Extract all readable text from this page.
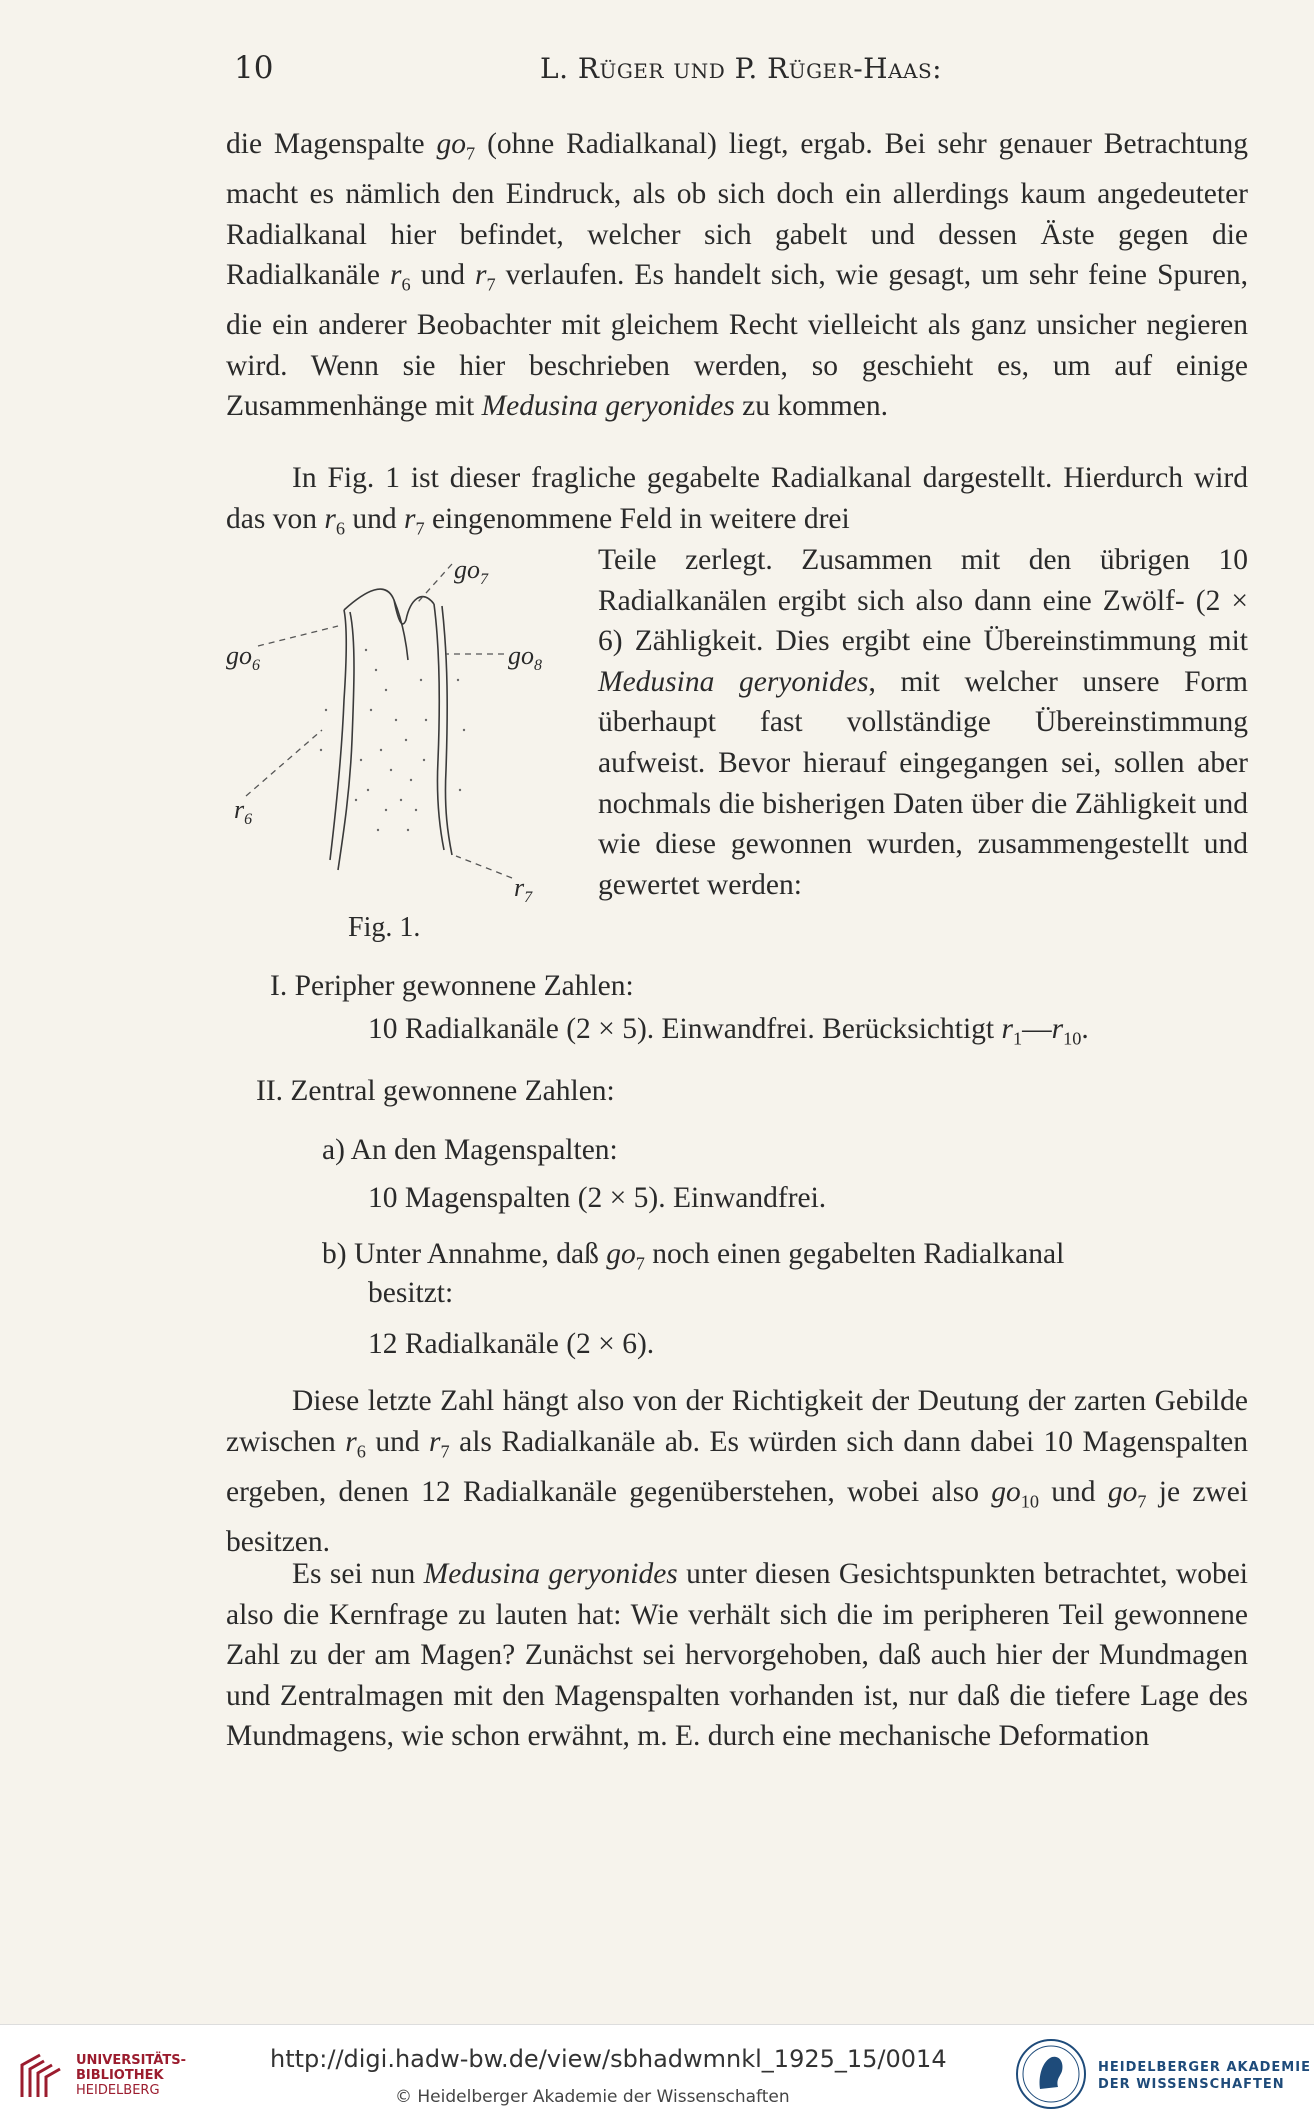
10	L. Rüger und P. Rüger-Haas:

die Magenspalte $go_7$ (ohne Radialkanal) liegt, ergab. Bei sehr genauer Betrachtung macht es nämlich den Eindruck, als ob sich doch ein allerdings kaum angedeuteter Radialkanal hier befindet, welcher sich gabelt und dessen Äste gegen die Radialkanäle $r_6$ und $r_7$ verlaufen. Es handelt sich, wie gesagt, um sehr feine Spuren, die ein anderer Beobachter mit gleichem Recht vielleicht als ganz unsicher negieren wird. Wenn sie hier beschrieben werden, so geschieht es, um auf einige Zusammenhänge mit Medusina geryonides zu kommen.

In Fig. 1 ist dieser fragliche gegabelte Radialkanal dargestellt. Hierdurch wird das von $r_6$ und $r_7$ eingenommene Feld in weitere drei

Teile zerlegt. Zusammen mit den übrigen 10 Radialkanälen ergibt sich also dann eine Zwölf- (2 × 6) Zähligkeit. Dies ergibt eine Übereinstimmung mit Medusina geryonides, mit welcher unsere Form überhaupt fast vollständige Übereinstimmung aufweist. Bevor hierauf eingegangen sei, sollen aber nochmals die bisherigen Daten über die Zähligkeit und wie diese gewonnen wurden, zusammengestellt und gewertet werden:

$go_6$
$go_7$
$go_8$
$r_6$
$r_7$
Fig. 1.
I. Peripher gewonnene Zahlen:
10 Radialkanäle (2 × 5). Einwandfrei. Berücksichtigt $r_1—r_{10}$.
II. Zentral gewonnene Zahlen:
a) An den Magenspalten:
10 Magenspalten (2 × 5). Einwandfrei.
b) Unter Annahme, daß $go_7$ noch einen gegabelten Radialkanal
besitzt:
12 Radialkanäle (2 × 6).

Diese letzte Zahl hängt also von der Richtigkeit der Deutung der zarten Gebilde zwischen $r_6$ und $r_7$ als Radialkanäle ab. Es würden sich dann dabei 10 Magenspalten ergeben, denen 12 Radialkanäle gegenüberstehen, wobei also $go_{10}$ und $go_7$ je zwei besitzen.

Es sei nun Medusina geryonides unter diesen Gesichtspunkten betrachtet, wobei also die Kernfrage zu lauten hat: Wie verhält sich die im peripheren Teil gewonnene Zahl zu der am Magen? Zunächst sei hervorgehoben, daß auch hier der Mundmagen und Zentralmagen mit den Magenspalten vorhanden ist, nur daß die tiefere Lage des Mundmagens, wie schon erwähnt, m. E. durch eine mechanische Deformation

UNIVERSITÄTS-
BIBLIOTHEK
HEIDELBERG
http://digi.hadw-bw.de/view/sbhadwmnkl_1925_15/0014
© Heidelberger Akademie der Wissenschaften
HEIDELBERGER AKADEMIE
DER WISSENSCHAFTEN
